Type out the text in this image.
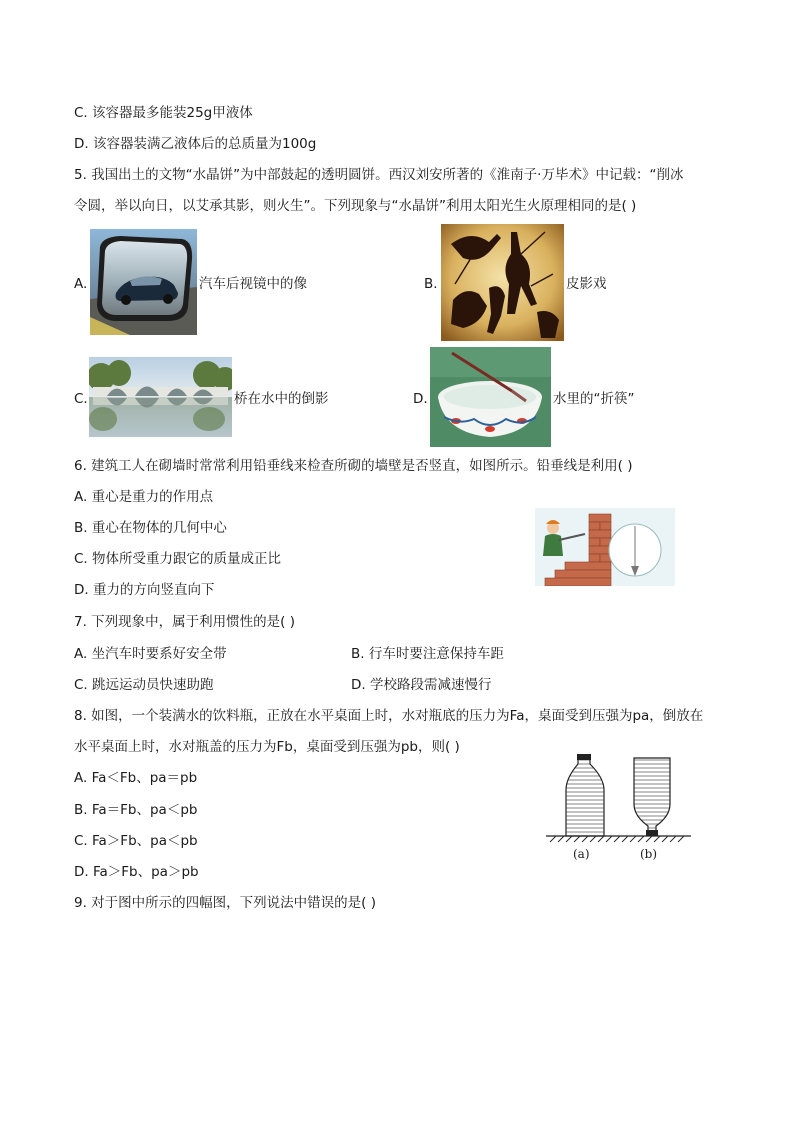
C. 该容器最多能装25g甲液体
D. 该容器装满乙液体后的总质量为100g
5. 我国出土的文物“水晶饼”为中部鼓起的透明圆饼。西汉刘安所著的《淮南子·万毕术》中记载：“削冰
令圆，举以向日，以艾承其影，则火生”。下列现象与“水晶饼”利用太阳光生火原理相同的是( )
A.	汽车后视镜中的像	B.	皮影戏
C.	桥在水中的倒影	D.	水里的“折筷”
6. 建筑工人在砌墙时常常利用铅垂线来检查所砌的墙壁是否竖直，如图所示。铅垂线是利用( )
A. 重心是重力的作用点
B. 重心在物体的几何中心
C. 物体所受重力跟它的质量成正比
D. 重力的方向竖直向下
7. 下列现象中，属于利用惯性的是( )
A. 坐汽车时要系好安全带	B. 行车时要注意保持车距
C. 跳远运动员快速助跑	D. 学校路段需减速慢行
8. 如图，一个装满水的饮料瓶，正放在水平桌面上时，水对瓶底的压力为Fa，桌面受到压强为pa，倒放在
水平桌面上时，水对瓶盖的压力为Fb，桌面受到压强为pb，则( )
A. Fa＜Fb、pa＝pb
B. Fa＝Fb、pa＜pb
C. Fa＞Fb、pa＜pb
D. Fa＞Fb、pa＞pb
(a)	(b)
9. 对于图中所示的四幅图，下列说法中错误的是( )
